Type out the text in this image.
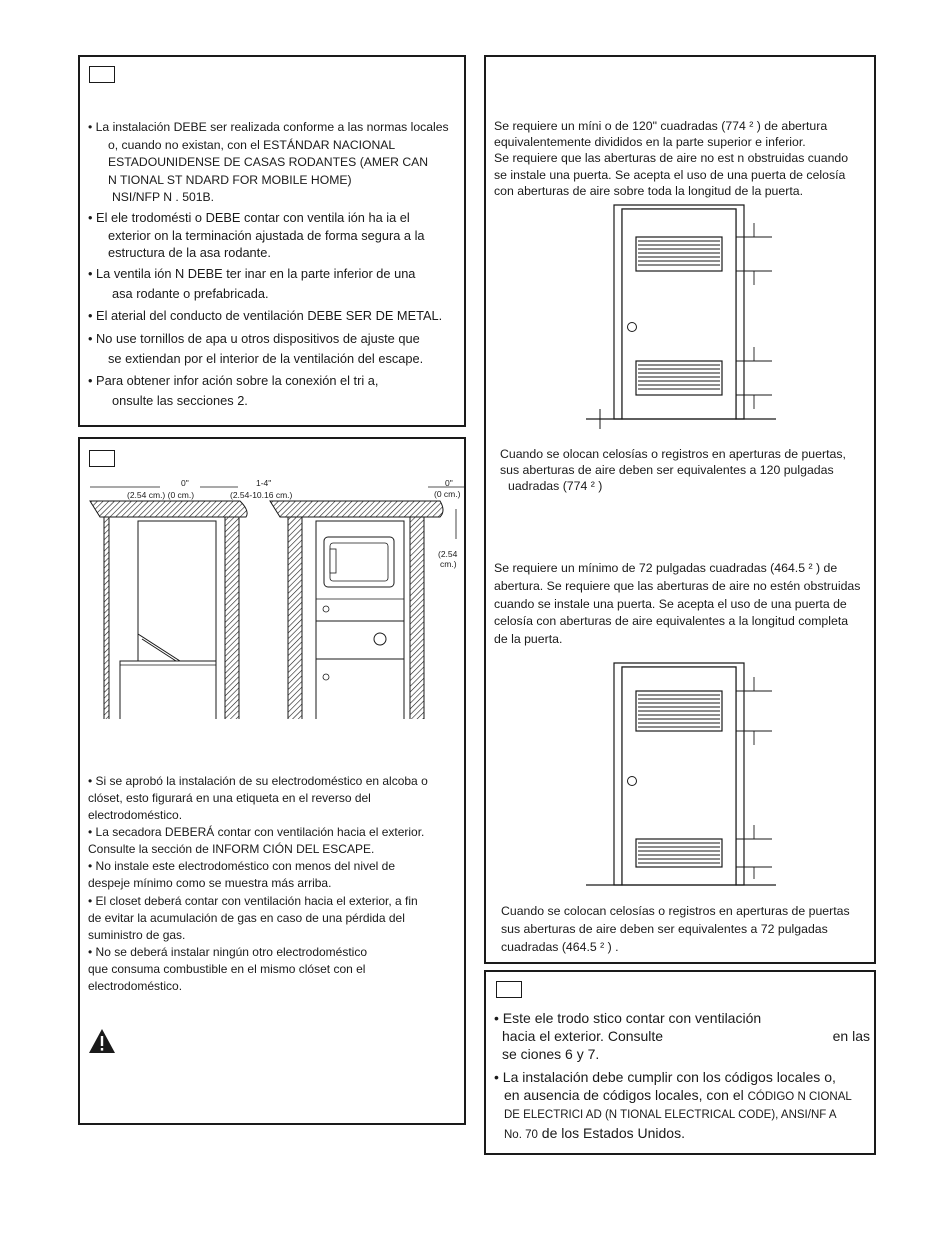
• La instalación DEBE ser realizada conforme a las normas locales
o, cuando no existan, con el ESTÁNDAR NACIONAL
ESTADOUNIDENSE DE CASAS RODANTES (AMER CAN
N TIONAL ST NDARD FOR MOBILE HOME)
NSI/NFP N . 501B.
• El ele trodomésti o DEBE contar con ventila ión ha ia el
exterior on la terminación ajustada de forma segura a la
estructura de la asa rodante.
• La ventila ión N DEBE ter inar en la parte inferior de una
asa rodante o prefabricada.
• El aterial del conducto de ventilación DEBE SER DE METAL.
• No use tornillos de apa u otros dispositivos de ajuste que
se extiendan por el interior de la ventilación del escape.
• Para obtener infor ación sobre la conexión el tri a,
onsulte las secciones 2.
0"
(2.54 cm.) (0 cm.)
1-4"
(2.54-10.16 cm.)
0"
(0 cm.)
(2.54
cm.)
• Si se aprobó la instalación de su electrodoméstico en alcoba o
clóset, esto figurará en una etiqueta en el reverso del
electrodoméstico.
• La secadora DEBERÁ contar con ventilación hacia el exterior.
Consulte la sección de INFORM CIÓN DEL ESCAPE.
• No instale este electrodoméstico con menos del nivel de
despeje mínimo como se muestra más arriba.
• El closet deberá contar con ventilación hacia el exterior, a fin
de evitar la acumulación de gas en caso de una pérdida del
suministro de gas.
• No se deberá instalar ningún otro electrodoméstico
que consuma combustible en el mismo clóset con el
electrodoméstico.
Se requiere un míni o de 120" cuadradas (774 ² ) de abertura
equivalentemente divididos en la parte superior e inferior.
Se requiere que las aberturas de aire no est n obstruidas cuando
se instale una puerta. Se acepta el uso de una puerta de celosía
con aberturas de aire sobre toda la longitud de la puerta.
Cuando se olocan celosías o registros en aperturas de puertas,
sus aberturas de aire deben ser equivalentes a 120 pulgadas
uadradas (774 ² )
Se requiere un mínimo de 72 pulgadas cuadradas (464.5 ² ) de
abertura. Se requiere que las aberturas de aire no estén obstruidas
cuando se instale una puerta. Se acepta el uso de una puerta de
celosía con aberturas de aire equivalentes a la longitud completa
de la puerta.
Cuando se colocan celosías o registros en aperturas de puertas
sus aberturas de aire deben ser equivalentes a 72 pulgadas
cuadradas (464.5 ² ) .
• Este ele trodo stico contar con ventilación
hacia el exterior. Consulte	en las
se ciones 6 y 7.
• La instalación debe cumplir con los códigos locales o,
en ausencia de códigos locales, con el CÓDIGO N CIONAL
DE ELECTRICI AD (N TIONAL ELECTRICAL CODE), ANSI/NF A
No. 70 de los Estados Unidos.
